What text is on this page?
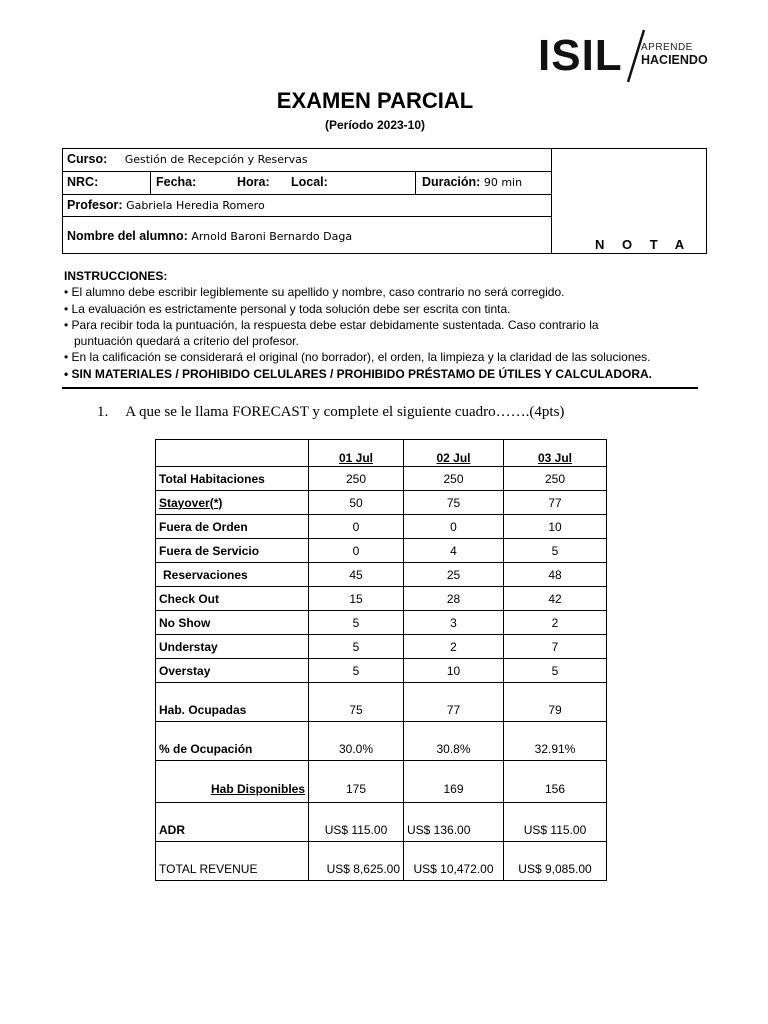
ISIL APRENDE
HACIENDO
EXAMEN PARCIAL
(Período 2023-10)
Curso: Gestión de Recepción y Reservas
NRC:	Fecha:	Hora: Local:	Duración: 90 min
Profesor: Gabriela Heredia Romero
Nombre del alumno: Arnold Baroni Bernardo Daga
N O T A
INSTRUCCIONES:
• El alumno debe escribir legiblemente su apellido y nombre, caso contrario no será corregido.
• La evaluación es estrictamente personal y toda solución debe ser escrita con tinta.
• Para recibir toda la puntuación, la respuesta debe estar debidamente sustentada. Caso contrario la
puntuación quedará a criterio del profesor.
• En la calificación se considerará el original (no borrador), el orden, la limpieza y la claridad de las soluciones.
• SIN MATERIALES / PROHIBIDO CELULARES / PROHIBIDO PRÉSTAMO DE ÚTILES Y CALCULADORA.
1. A que se le llama FORECAST y complete el siguiente cuadro…….(4pts)
	01 Jul	02 Jul	03 Jul
Total Habitaciones	250	250	250
Stayover(*)	50	75	77
Fuera de Orden	0	0	10
Fuera de Servicio	0	4	5
Reservaciones	45	25	48
Check Out	15	28	42
No Show	5	3	2
Understay	5	2	7
Overstay	5	10	5
Hab. Ocupadas	75	77	79
% de Ocupación	30.0%	30.8%	32.91%
Hab Disponibles	175	169	156
ADR	US$ 115.00	US$ 136.00	US$ 115.00
TOTAL REVENUE	US$ 8,625.00	US$ 10,472.00	US$ 9,085.00
